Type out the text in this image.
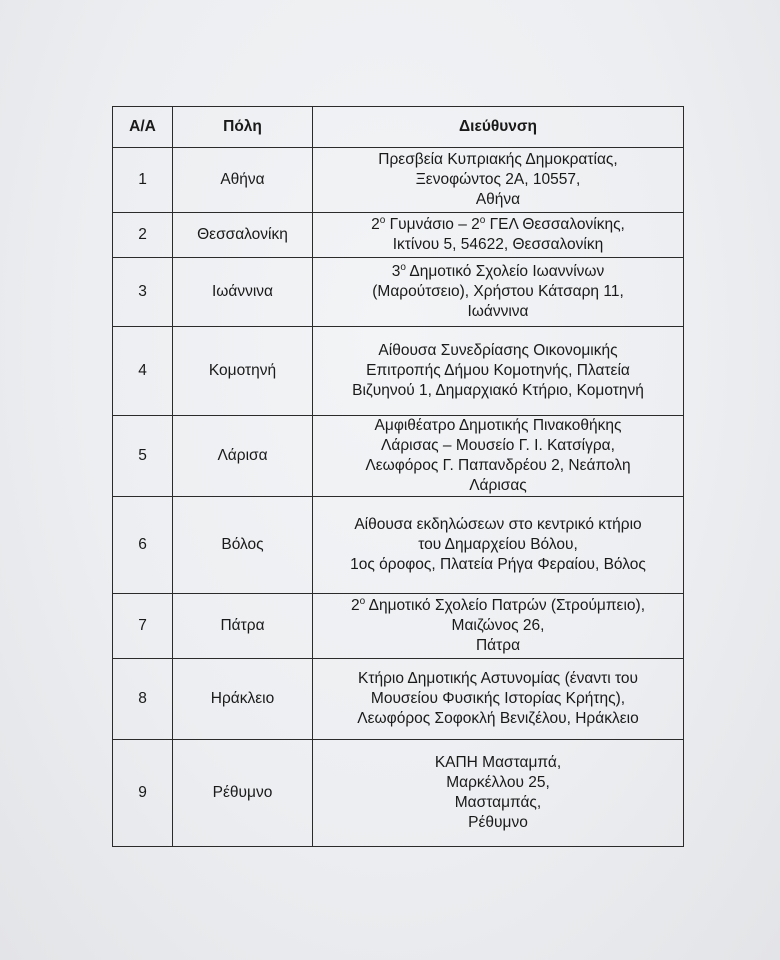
Α/Α	Πόλη	Διεύθυνση
1	Αθήνα	Πρεσβεία Κυπριακής Δημοκρατίας,
Ξενοφώντος 2Α, 10557,
Αθήνα

2	Θεσσαλονίκη	$2^o$ Γυμνάσιο – $2^o$ ΓΕΛ Θεσσαλονίκης,
Ικτίνου 5, 54622, Θεσσαλονίκη

3	Ιωάννινα	$3^o$ Δημοτικό Σχολείο Ιωαννίνων
(Μαρούτσειο), Χρήστου Κάτσαρη 11,
Ιωάννινα

4	Κομοτηνή	Αίθουσα Συνεδρίασης Οικονομικής
Επιτροπής Δήμου Κομοτηνής, Πλατεία
Βιζυηνού 1, Δημαρχιακό Κτήριο, Κομοτηνή

5	Λάρισα	Αμφιθέατρο Δημοτικής Πινακοθήκης
Λάρισας – Μουσείο Γ. Ι. Κατσίγρα,
Λεωφόρος Γ. Παπανδρέου 2, Νεάπολη
Λάρισας

6	Βόλος	Αίθουσα εκδηλώσεων στο κεντρικό κτήριο
του Δημαρχείου Βόλου,
1ος όροφος, Πλατεία Ρήγα Φεραίου, Βόλος

7	Πάτρα	$2^o$ Δημοτικό Σχολείο Πατρών (Στρούμπειο),
Μαιζώνος 26,
Πάτρα

8	Ηράκλειο	Κτήριο Δημοτικής Αστυνομίας (έναντι του
Μουσείου Φυσικής Ιστορίας Κρήτης),
Λεωφόρος Σοφοκλή Βενιζέλου, Ηράκλειο

9	Ρέθυμνο	ΚΑΠΗ Μασταμπά,
Μαρκέλλου 25,
Μασταμπάς,
Ρέθυμνο
